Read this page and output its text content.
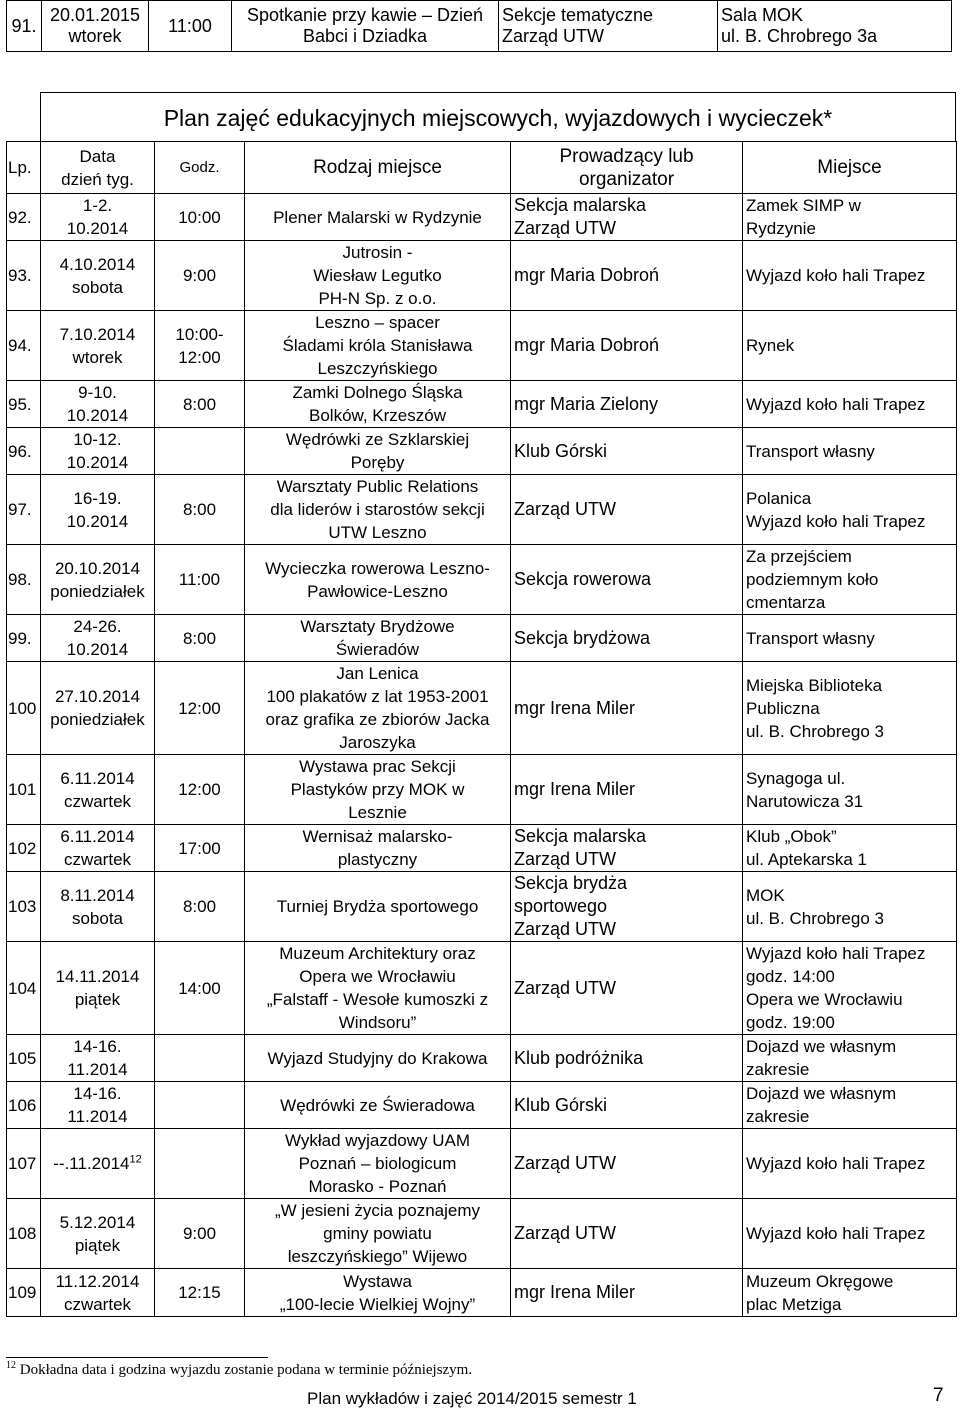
91.	20.01.2015
wtorek	11:00	Spotkanie przy kawie – Dzień
Babci i Dziadka	Sekcje tematyczne
Zarząd UTW	Sala MOK
ul. B. Chrobrego 3a
Plan zajęć edukacyjnych miejscowych, wyjazdowych i wycieczek*
Lp.	Data
dzień tyg.	Godz.	Rodzaj miejsce	Prowadzący lub
organizator	Miejsce
92.	1-2.
10.2014	10:00	Plener Malarski w Rydzynie	Sekcja malarska
Zarząd UTW	Zamek SIMP w
Rydzynie
93.	4.10.2014
sobota	9:00	Jutrosin -
Wiesław Legutko
PH-N Sp. z o.o.	mgr Maria Dobroń	Wyjazd koło hali Trapez
94.	7.10.2014
wtorek	10:00-
12:00	Leszno – spacer
Śladami króla Stanisława
Leszczyńskiego	mgr Maria Dobroń	Rynek
95.	9-10.
10.2014	8:00	Zamki Dolnego Śląska
Bolków, Krzeszów	mgr Maria Zielony	Wyjazd koło hali Trapez
96.	10-12.
10.2014		Wędrówki ze Szklarskiej
Poręby	Klub Górski	Transport własny
97.	16-19.
10.2014	8:00	Warsztaty Public Relations
dla liderów i starostów sekcji
UTW Leszno	Zarząd UTW	Polanica
Wyjazd koło hali Trapez
98.	20.10.2014
poniedziałek	11:00	Wycieczka rowerowa Leszno-
Pawłowice-Leszno	Sekcja rowerowa	Za przejściem
podziemnym koło
cmentarza
99.	24-26.
10.2014	8:00	Warsztaty Brydżowe
Świeradów	Sekcja brydżowa	Transport własny
100	27.10.2014
poniedziałek	12:00	Jan Lenica
100 plakatów z lat 1953-2001
oraz grafika ze zbiorów Jacka
Jaroszyka	mgr Irena Miler	Miejska Biblioteka
Publiczna
ul. B. Chrobrego 3
101	6.11.2014
czwartek	12:00	Wystawa prac Sekcji
Plastyków przy MOK w
Lesznie	mgr Irena Miler	Synagoga ul.
Narutowicza 31
102	6.11.2014
czwartek	17:00	Wernisaż malarsko-
plastyczny	Sekcja malarska
Zarząd UTW	Klub „Obok”
ul. Aptekarska 1
103	8.11.2014
sobota	8:00	Turniej Brydża sportowego	Sekcja brydża
sportowego
Zarząd UTW	MOK
ul. B. Chrobrego 3
104	14.11.2014
piątek	14:00	Muzeum Architektury oraz
Opera we Wrocławiu
„Falstaff - Wesołe kumoszki z
Windsoru”	Zarząd UTW	Wyjazd koło hali Trapez
godz. 14:00
Opera we Wrocławiu
godz. 19:00
105	14-16.
11.2014		Wyjazd Studyjny do Krakowa	Klub podróżnika	Dojazd we własnym
zakresie
106	14-16.
11.2014		Wędrówki ze Świeradowa	Klub Górski	Dojazd we własnym
zakresie
107	--.11.2014$^{12}$		Wykład wyjazdowy UAM
Poznań – biologicum
Morasko - Poznań	Zarząd UTW	Wyjazd koło hali Trapez
108	5.12.2014
piątek	9:00	„W jesieni życia poznajemy
gminy powiatu
leszczyńskiego” Wijewo	Zarząd UTW	Wyjazd koło hali Trapez
109	11.12.2014
czwartek	12:15	Wystawa
„100-lecie Wielkiej Wojny”	mgr Irena Miler	Muzeum Okręgowe
plac Metziga
$^{12}$ Dokładna data i godzina wyjazdu zostanie podana w terminie późniejszym.
Plan wykładów i zajęć 2014/2015 semestr 1	7
